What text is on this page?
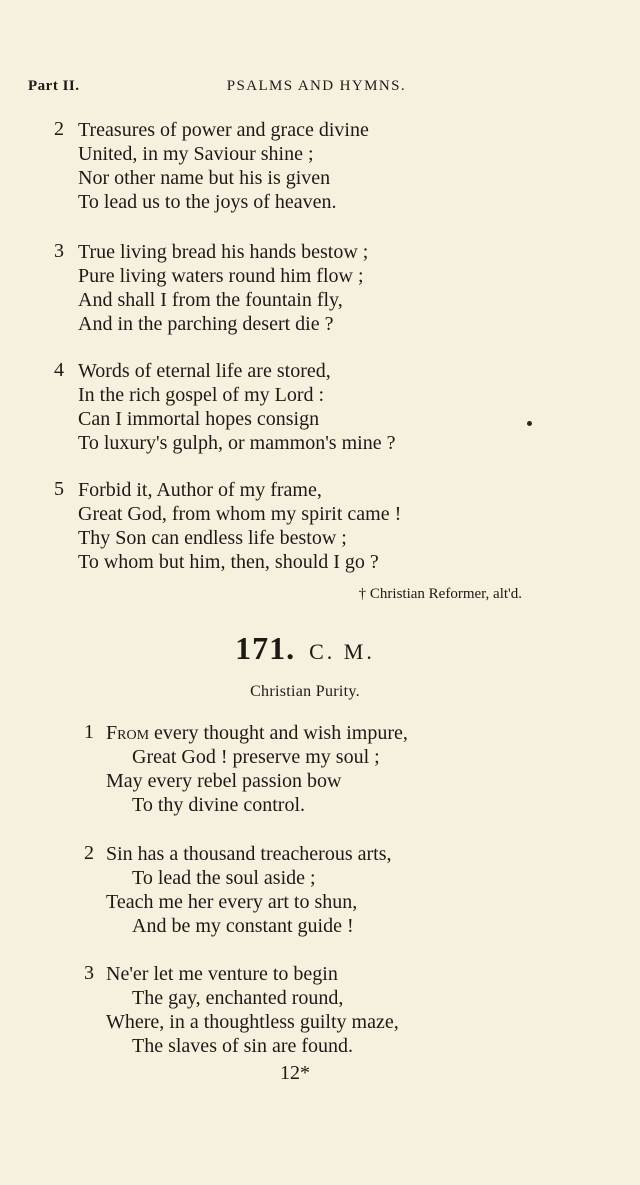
Part II.	PSALMS AND HYMNS.
2 Treasures of power and grace divine
United, in my Saviour shine ;
Nor other name but his is given
To lead us to the joys of heaven.
3 True living bread his hands bestow ;
Pure living waters round him flow ;
And shall I from the fountain fly,
And in the parching desert die ?
4 Words of eternal life are stored,
In the rich gospel of my Lord :
Can I immortal hopes consign
To luxury's gulph, or mammon's mine ?
5 Forbid it, Author of my frame,
Great God, from whom my spirit came !
Thy Son can endless life bestow ;
To whom but him, then, should I go ?
† Christian Reformer, alt'd.
171. C. M.
Christian Purity.
1 From every thought and wish impure,
Great God ! preserve my soul ;
May every rebel passion bow
To thy divine control.
2 Sin has a thousand treacherous arts,
To lead the soul aside ;
Teach me her every art to shun,
And be my constant guide !
3 Ne'er let me venture to begin
The gay, enchanted round,
Where, in a thoughtless guilty maze,
The slaves of sin are found.
12*
